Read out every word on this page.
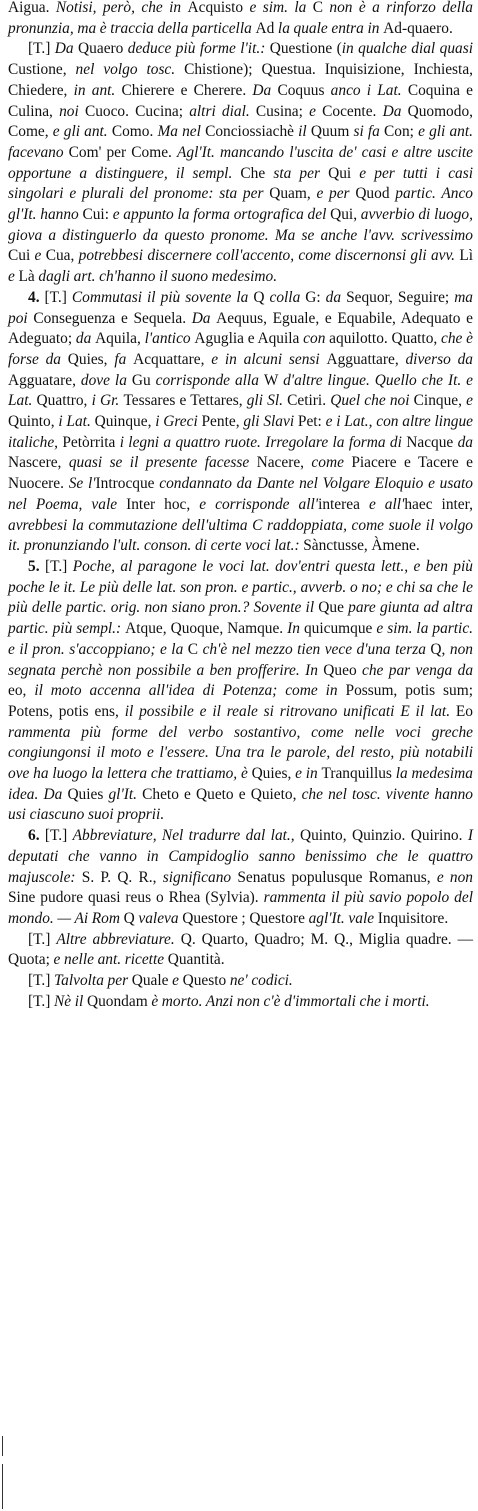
Aigua. Notisi, però, che in Acquisto e sim. la C non è a rinforzo della pronunzia, ma è traccia della particella Ad la quale entra in Ad-quaero.

[T.] Da Quaero deduce più forme l'it.: Questione (in qualche dial quasi Custione, nel volgo tosc. Chistione); Questua. Inquisizione, Inchiesta, Chiedere, in ant. Chierere e Cherere. Da Coquus anco i Lat. Coquina e Culina, noi Cuoco. Cucina; altri dial. Cusina; e Cocente. Da Quomodo, Come, e gli ant. Como. Ma nel Conciossiachè il Quum si fa Con; e gli ant. facevano Com' per Come. Agl'It. mancando l'uscita de' casi e altre uscite opportune a distinguere, il sempl. Che sta per Qui e per tutti i casi singolari e plurali del pronome: sta per Quam, e per Quod partic. Anco gl'It. hanno Cui: e appunto la forma ortografica del Qui, avverbio di luogo, giova a distinguerlo da questo pronome. Ma se anche l'avv. scrivessimo Cui e Cua, potrebbesi discernere coll'accento, come discernonsi gli avv. Lì e Là dagli art. ch'hanno il suono medesimo.

4. [T.] Commutasi il più sovente la Q colla G: da Sequor, Seguire; ma poi Conseguenza e Sequela. Da Aequus, Eguale, e Equabile, Adequato e Adeguato; da Aquila, l'antico Aguglia e Aquila con aquilotto. Quatto, che è forse da Quies, fa Acquattare, e in alcuni sensi Agguattare, diverso da Agguatare, dove la Gu corrisponde alla W d'altre lingue. Quello che It. e Lat. Quattro, i Gr. Tessares e Tettares, gli Sl. Cetiri. Quel che noi Cinque, e Quinto, i Lat. Quinque, i Greci Pente, gli Slavi Pet: e i Lat., con altre lingue italiche, Petòrrita i legni a quattro ruote. Irregolare la forma di Nacque da Nascere, quasi se il presente facesse Nacere, come Piacere e Tacere e Nuocere. Se l'Introcque condannato da Dante nel Volgare Eloquio e usato nel Poema, vale Inter hoc, e corrisponde all'interea e all'haec inter, avrebbesi la commutazione dell'ultima C raddoppiata, come suole il volgo it. pronunziando l'ult. conson. di certe voci lat.: Sànctusse, Àmene.

5. [T.] Poche, al paragone le voci lat. dov'entri questa lett., e ben più poche le it. Le più delle lat. son pron. e partic., avverb. o no; e chi sa che le più delle partic. orig. non siano pron.? Sovente il Que pare giunta ad altra partic. più sempl.: Atque, Quoque, Namque. In quicumque e sim. la partic. e il pron. s'accoppiano; e la C ch'è nel mezzo tien vece d'una terza Q, non segnata perchè non possibile a ben profferire. In Queo che par venga da eo, il moto accenna all'idea di Potenza; come in Possum, potis sum; Potens, potis ens, il possibile e il reale si ritrovano unificati E il lat. Eo rammenta più forme del verbo sostantivo, come nelle voci greche congiungonsi il moto e l'essere. Una tra le parole, del resto, più notabili ove ha luogo la lettera che trattiamo, è Quies, e in Tranquillus la medesima idea. Da Quies gl'It. Cheto e Queto e Quieto, che nel tosc. vivente hanno usi ciascuno suoi proprii.

6. [T.] Abbreviature, Nel tradurre dal lat., Quinto, Quinzio. Quirino. I deputati che vanno in Campidoglio sanno benissimo che le quattro majuscole: S. P. Q. R., significano Senatus populusque Romanus, e non Sine pudore quasi reus o Rhea (Sylvia). rammenta il più savio popolo del mondo. — Ai Rom Q valeva Questore ; Questore agl'It. vale Inquisitore.

[T.] Altre abbreviature. Q. Quarto, Quadro; M. Q., Miglia quadre. — Quota; e nelle ant. ricette Quantità.

[T.] Talvolta per Quale e Questo ne' codici.

[T.] Nè il Quondam è morto. Anzi non c'è d'immortali che i morti.
